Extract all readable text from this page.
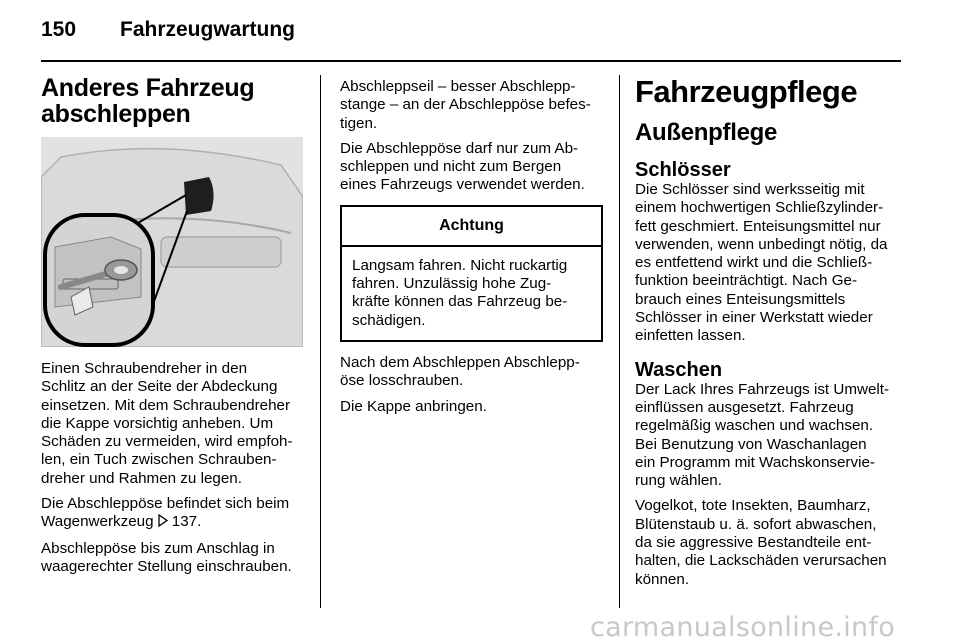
150 Fahrzeugwartung
Anderes Fahrzeug
abschleppen

Einen Schraubendreher in den
Schlitz an der Seite der Abdeckung
einsetzen. Mit dem Schraubendreher
die Kappe vorsichtig anheben. Um
Schäden zu vermeiden, wird empfoh-
len, ein Tuch zwischen Schrauben-
dreher und Rahmen zu legen.

Die Abschleppöse befindet sich beim
Wagenwerkzeug 137.

Abschleppöse bis zum Anschlag in
waagerechter Stellung einschrauben.

Abschleppseil – besser Abschlepp-
stange – an der Abschleppöse befes-
tigen.

Die Abschleppöse darf nur zum Ab-
schleppen und nicht zum Bergen
eines Fahrzeugs verwendet werden.

Achtung

Langsam fahren. Nicht ruckartig
fahren. Unzulässig hohe Zug-
kräfte können das Fahrzeug be-
schädigen.

Nach dem Abschleppen Abschlepp-
öse losschrauben.

Die Kappe anbringen.

Fahrzeugpflege
Außenpflege
Schlösser

Die Schlösser sind werksseitig mit
einem hochwertigen Schließzylinder-
fett geschmiert. Enteisungsmittel nur
verwenden, wenn unbedingt nötig, da
es entfettend wirkt und die Schließ-
funktion beeinträchtigt. Nach Ge-
brauch eines Enteisungsmittels
Schlösser in einer Werkstatt wieder
einfetten lassen.

Waschen

Der Lack Ihres Fahrzeugs ist Umwelt-
einflüssen ausgesetzt. Fahrzeug
regelmäßig waschen und wachsen.
Bei Benutzung von Waschanlagen
ein Programm mit Wachskonservie-
rung wählen.

Vogelkot, tote Insekten, Baumharz,
Blütenstaub u. ä. sofort abwaschen,
da sie aggressive Bestandteile ent-
halten, die Lackschäden verursachen
können.

carmanualsonline.info
